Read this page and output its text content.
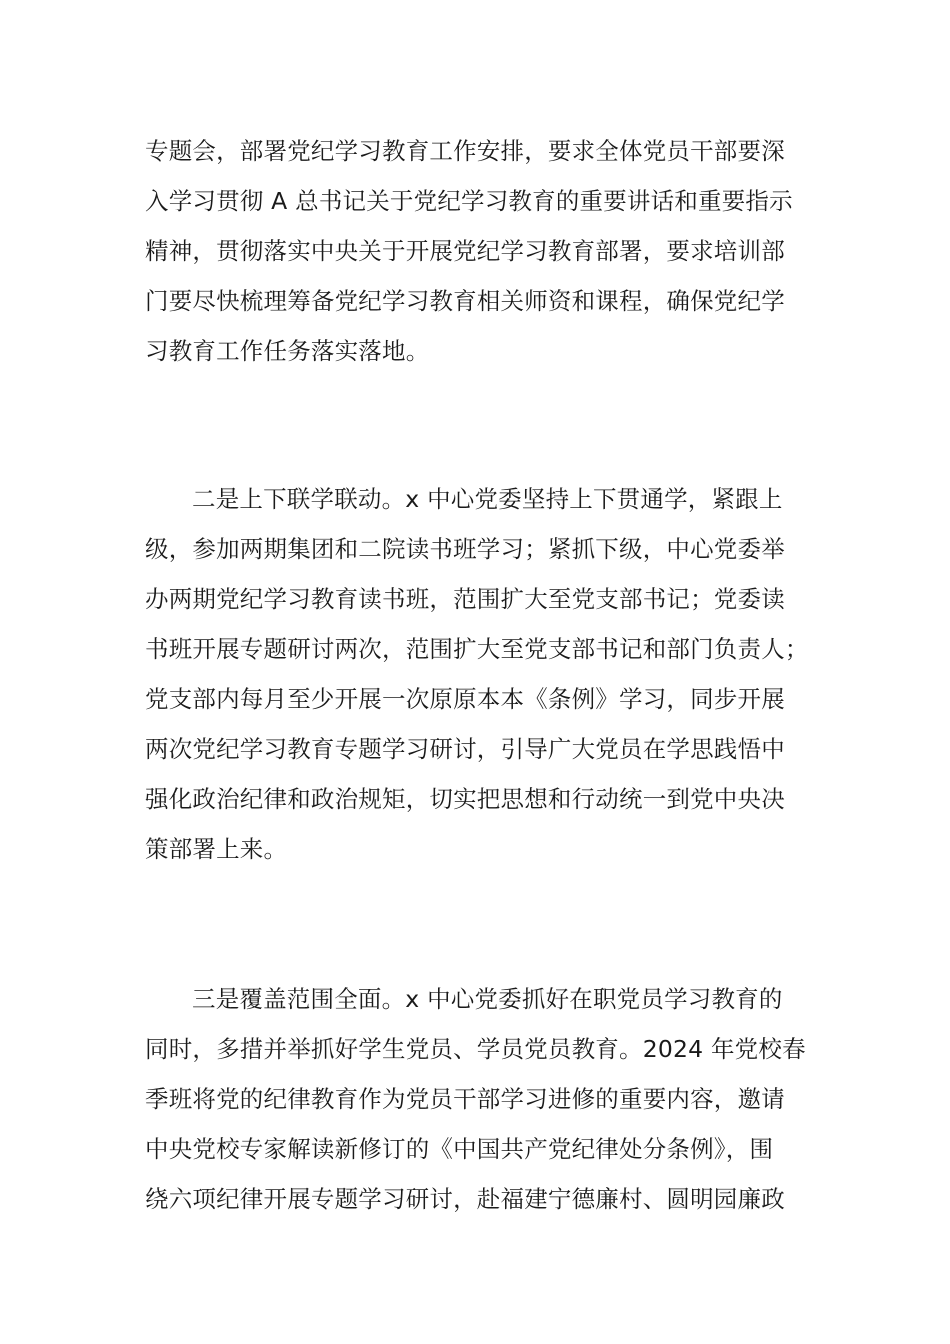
专题会，部署党纪学习教育工作安排，要求全体党员干部要深
入学习贯彻 A 总书记关于党纪学习教育的重要讲话和重要指示
精神，贯彻落实中央关于开展党纪学习教育部署，要求培训部
门要尽快梳理筹备党纪学习教育相关师资和课程，确保党纪学
习教育工作任务落实落地。
二是上下联学联动。x 中心党委坚持上下贯通学，紧跟上
级，参加两期集团和二院读书班学习；紧抓下级，中心党委举
办两期党纪学习教育读书班，范围扩大至党支部书记；党委读
书班开展专题研讨两次，范围扩大至党支部书记和部门负责人；
党支部内每月至少开展一次原原本本《条例》学习，同步开展
两次党纪学习教育专题学习研讨，引导广大党员在学思践悟中
强化政治纪律和政治规矩，切实把思想和行动统一到党中央决
策部署上来。
三是覆盖范围全面。x 中心党委抓好在职党员学习教育的
同时，多措并举抓好学生党员、学员党员教育。2024 年党校春
季班将党的纪律教育作为党员干部学习进修的重要内容，邀请
中央党校专家解读新修订的《中国共产党纪律处分条例》，围
绕六项纪律开展专题学习研讨，赴福建宁德廉村、圆明园廉政
